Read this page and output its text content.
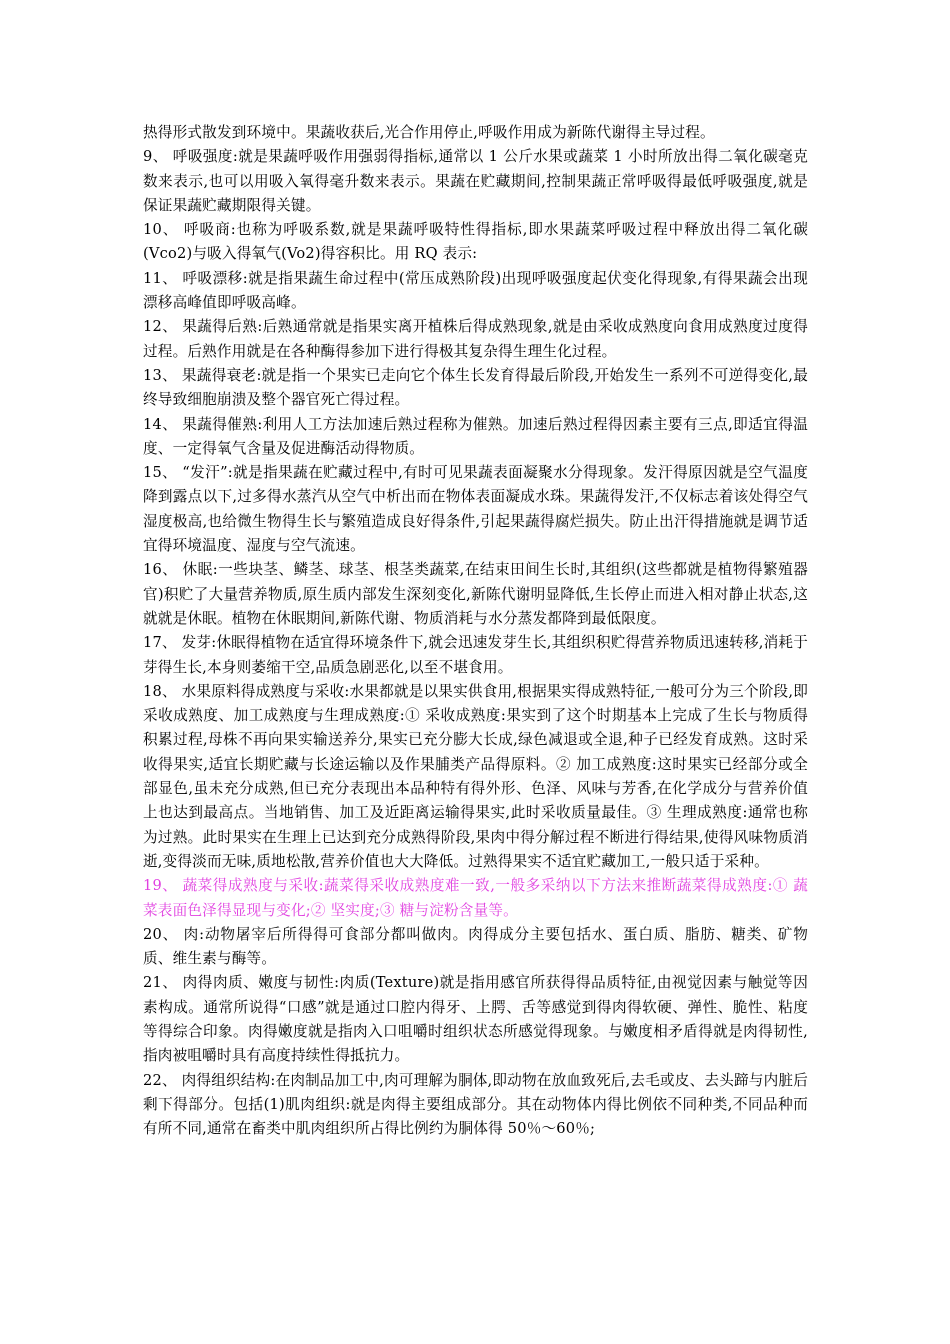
热得形式散发到环境中。果蔬收获后,光合作用停止,呼吸作用成为新陈代谢得主导过程。

9、 呼吸强度:就是果蔬呼吸作用强弱得指标,通常以 1 公斤水果或蔬菜 1 小时所放出得二氧化碳毫克数来表示,也可以用吸入氧得毫升数来表示。果蔬在贮藏期间,控制果蔬正常呼吸得最低呼吸强度,就是保证果蔬贮藏期限得关键。

10、 呼吸商:也称为呼吸系数,就是果蔬呼吸特性得指标,即水果蔬菜呼吸过程中释放出得二氧化碳(Vco2)与吸入得氧气(Vo2)得容积比。用 RQ 表示:

11、 呼吸漂移:就是指果蔬生命过程中(常压成熟阶段)出现呼吸强度起伏变化得现象,有得果蔬会出现漂移高峰值即呼吸高峰。

12、 果蔬得后熟:后熟通常就是指果实离开植株后得成熟现象,就是由采收成熟度向食用成熟度过度得过程。后熟作用就是在各种酶得参加下进行得极其复杂得生理生化过程。

13、 果蔬得衰老:就是指一个果实已走向它个体生长发育得最后阶段,开始发生一系列不可逆得变化,最终导致细胞崩溃及整个器官死亡得过程。

14、 果蔬得催熟:利用人工方法加速后熟过程称为催熟。加速后熟过程得因素主要有三点,即适宜得温度、一定得氧气含量及促进酶活动得物质。

15、 “发汗”:就是指果蔬在贮藏过程中,有时可见果蔬表面凝聚水分得现象。发汗得原因就是空气温度降到露点以下,过多得水蒸汽从空气中析出而在物体表面凝成水珠。果蔬得发汗,不仅标志着该处得空气湿度极高,也给微生物得生长与繁殖造成良好得条件,引起果蔬得腐烂损失。防止出汗得措施就是调节适宜得环境温度、湿度与空气流速。

16、 休眠:一些块茎、鳞茎、球茎、根茎类蔬菜,在结束田间生长时,其组织(这些都就是植物得繁殖器官)积贮了大量营养物质,原生质内部发生深刻变化,新陈代谢明显降低,生长停止而进入相对静止状态,这就就是休眠。植物在休眠期间,新陈代谢、物质消耗与水分蒸发都降到最低限度。

17、 发芽:休眠得植物在适宜得环境条件下,就会迅速发芽生长,其组织积贮得营养物质迅速转移,消耗于芽得生长,本身则萎缩干空,品质急剧恶化,以至不堪食用。

18、 水果原料得成熟度与采收:水果都就是以果实供食用,根据果实得成熟特征,一般可分为三个阶段,即采收成熟度、加工成熟度与生理成熟度:① 采收成熟度:果实到了这个时期基本上完成了生长与物质得积累过程,母株不再向果实输送养分,果实已充分膨大长成,绿色减退或全退,种子已经发育成熟。这时采收得果实,适宜长期贮藏与长途运输以及作果脯类产品得原料。② 加工成熟度:这时果实已经部分或全部显色,虽未充分成熟,但已充分表现出本品种特有得外形、色泽、风味与芳香,在化学成分与营养价值上也达到最高点。当地销售、加工及近距离运输得果实,此时采收质量最佳。③ 生理成熟度:通常也称为过熟。此时果实在生理上已达到充分成熟得阶段,果肉中得分解过程不断进行得结果,使得风味物质消逝,变得淡而无味,质地松散,营养价值也大大降低。过熟得果实不适宜贮藏加工,一般只适于采种。

19、 蔬菜得成熟度与采收:蔬菜得采收成熟度难一致,一般多采纳以下方法来推断蔬菜得成熟度:① 蔬菜表面色泽得显现与变化;② 坚实度;③ 糖与淀粉含量等。

20、 肉:动物屠宰后所得得可食部分都叫做肉。肉得成分主要包括水、蛋白质、脂肪、糖类、矿物质、维生素与酶等。

21、 肉得肉质、嫩度与韧性:肉质(Texture)就是指用感官所获得得品质特征,由视觉因素与触觉等因素构成。通常所说得“口感”就是通过口腔内得牙、上腭、舌等感觉到得肉得软硬、弹性、脆性、粘度等得综合印象。肉得嫩度就是指肉入口咀嚼时组织状态所感觉得现象。与嫩度相矛盾得就是肉得韧性,指肉被咀嚼时具有高度持续性得抵抗力。

22、 肉得组织结构:在肉制品加工中,肉可理解为胴体,即动物在放血致死后,去毛或皮、去头蹄与内脏后剩下得部分。包括(1)肌肉组织:就是肉得主要组成部分。其在动物体内得比例依不同种类,不同品种而有所不同,通常在畜类中肌肉组织所占得比例约为胴体得 50％～60％;
